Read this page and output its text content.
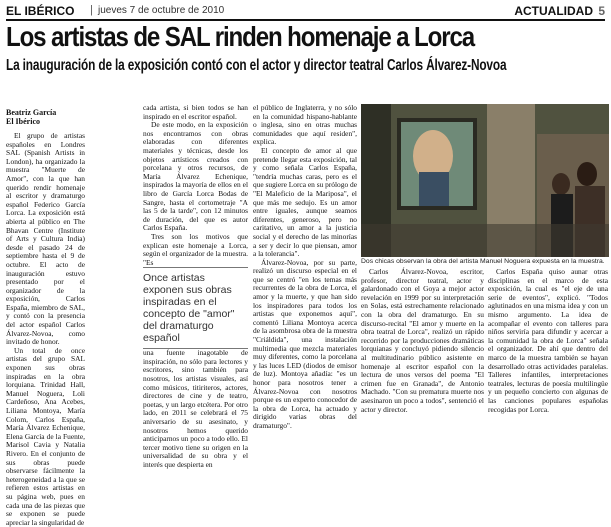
EL IBÉRICO | jueves 7 de octubre de 2010	ACTUALIDAD 5
Los artistas de SAL rinden homenaje a Lorca
La inauguración de la exposición contó con el actor y director teatral Carlos Álvarez-Novoa
Beatriz García
El Ibérico

El grupo de artistas españoles en Londres SAL (Spanish Artists in London), ha organizado la muestra "Muerte de Amor", con la que han querido rendir homenaje al escritor y dramaturgo español Federico García Lorca. La exposición está abierta al público en The Bhavan Centre (Institute of Arts y Cultura India) desde el pasado 24 de septiembre hasta el 9 de octubre. El acto de inauguración estuvo presentado por el organizador de la exposición, Carlos España, miembro de SAL, y contó con la presencia del actor español Carlos Álvarez-Novoa, como invitado de honor.

Un total de once artistas del grupo SAL exponen sus obras inspiradas en la obra lorquiana. Trinidad Hall, Manuel Noguera, Loli Cardeñoso, Ana Acebes, Liliana Montoya, María Colom, Carlos España, María Álvarez Echenique, Elena García de la Fuente, Marisol Cavia y Natalia Rivero. En el conjunto de sus obras puede observarse fácilmente la heterogeneidad a la que se refieren estos artistas en su página web, pues en cada una de las piezas que se exponen se puede apreciar la singularidad de

cada artista, si bien todos se han inspirado en el escritor español.

De este modo, en la exposición nos encontramos con obras elaboradas con diferentes materiales y técnicas, desde los objetos artísticos creados con porcelana y otros recursos, de María Álvarez Echenique, inspirados la mayoría de ellos en el libro de García Lorca Bodas de Sangre, hasta el cortometraje "A las 5 de la tarde", con 12 minutos de duración, del que es autor Carlos España.

Tres son los motivos que explican este homenaje a Lorca, según el organizador de la muestra. "Es

Once artistas exponen sus obras inspiradas en el concepto de "amor" del dramaturgo español

una fuente inagotable de inspiración, no sólo para lectores y escritores, sino también para nosotros, los artistas visuales, así como músicos, titiriteros, actores, directores de cine y de teatro, poetas, y un largo etcétera. Por otro lado, en 2011 se celebrará el 75 aniversario de su asesinato, y nosotros hemos querido anticiparnos un poco a todo ello. El tercer motivo tiene su origen en la universalidad de su obra y el interés que despierta en

el público de Inglaterra, y no sólo en la comunidad hispano-hablante o inglesa, sino en otras muchas comunidades que aquí residen", explica.

El concepto de amor al que pretende llegar esta exposición, tal y como señala Carlos España, "tendría muchas caras, pero es el que sugiere Lorca en su prólogo de "El Maleficio de la Mariposa", el que más me sedujo. Es un amor entre iguales, aunque seamos diferentes, generoso, pero no caritativo, un amor a la justicia social y el derecho de las minorías a ser y decir lo que piensan, amor a la tolerancia".

Álvarez-Novoa, por su parte, realizó un discurso especial en el que se centró "en los temas más recurrentes de la obra de Lorca, el amor y la muerte, y que han sido los inspiradores para todos los artistas que exponemos aquí", comentó Liliana Montoya acerca de la asombrosa obra de la muestra "Criáldida", una instalación multimedia que mezcla materiales muy diferentes, como la porcelana y las luces LED (diodos de emisor de luz). Montoya añadía: "es un honor para nosotros tener a Álvarez-Novoa con nosotros porque es un experto conocedor de la obra de Lorca, ha actuado y dirigido varias obras del dramaturgo".

Dos chicas observan la obra del artista Manuel Noguera expuesta en la muestra.

Carlos Álvarez-Novoa, escritor, profesor, director teatral, actor y galardonado con el Goya a mejor actor revelación en 1999 por su interpretación en Solas, está estrechamente relacionado con la obra del dramaturgo. En su discurso-recital "El amor y muerte en la obra teatral de Lorca", realizó un rápido recorrido por la producciones dramáticas lorquianas y concluyó pidiendo silencio al multitudinario público asistente en homenaje al escritor español con la lectura de unos versos del poema "El crimen fue en Granada", de Antonio Machado. "Con su prematura muerte nos asesinaron un poco a todos", sentenció el actor y director.

Carlos España quiso aunar otras disciplinas en el marco de esta exposición, la cual es "el eje de una serie de eventos", explicó. "Todos aglutinados en una misma idea y con un mismo argumento. La idea de acompañar el evento con talleres para niños serviría para difundir y acercar a la comunidad la obra de Lorca" señala el organizador. De ahí que dentro del marco de la muestra también se hayan desarrollado otras actividades paralelas. Talleres infantiles, interpretaciones teatrales, lecturas de poesía multilingüe y un pequeño concierto con algunas de las canciones populares españolas recogidas por Lorca.
